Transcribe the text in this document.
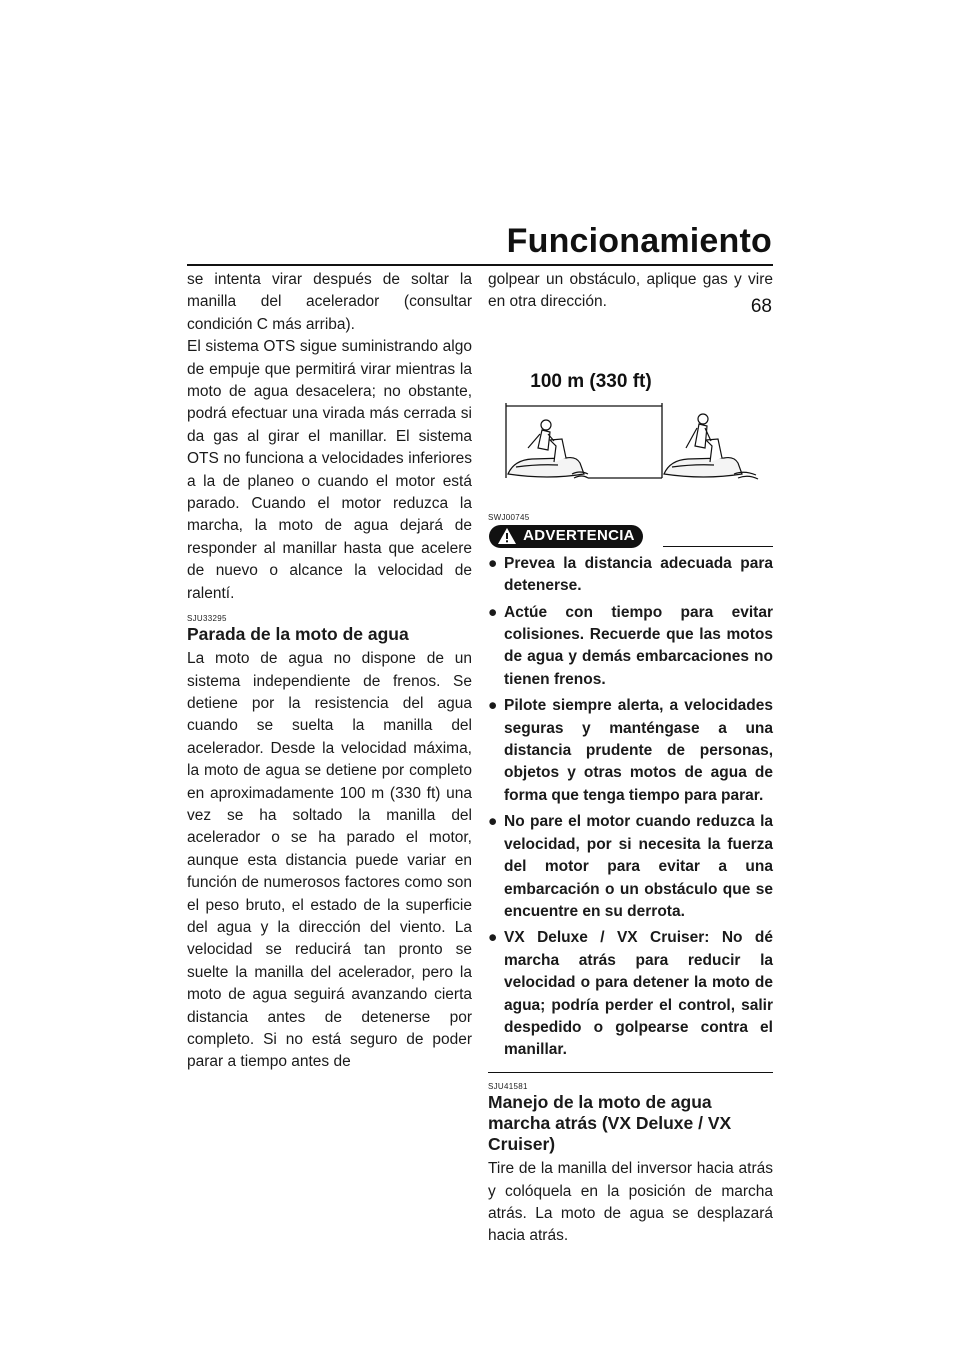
Funcionamiento
68

se intenta virar después de soltar la manilla del acelerador (consultar condición C más arriba).

El sistema OTS sigue suministrando algo de empuje que permitirá virar mientras la moto de agua desacelera; no obstante, podrá efectuar una virada más cerrada si da gas al girar el manillar. El sistema OTS no funciona a velocidades inferiores a la de planeo o cuando el motor está parado. Cuando el motor reduzca la marcha, la moto de agua dejará de responder al manillar hasta que acelere de nuevo o alcance la velocidad de ralentí.

SJU33295
Parada de la moto de agua

La moto de agua no dispone de un sistema independiente de frenos. Se detiene por la resistencia del agua cuando se suelta la manilla del acelerador. Desde la velocidad máxima, la moto de agua se detiene por completo en aproximadamente 100 m (330 ft) una vez se ha soltado la manilla del acelerador o se ha parado el motor, aunque esta distancia puede variar en función de numerosos factores como son el peso bruto, el estado de la superficie del agua y la dirección del viento. La velocidad se reducirá tan pronto se suelte la manilla del acelerador, pero la moto de agua seguirá avanzando cierta distancia antes de detenerse por completo. Si no está seguro de poder parar a tiempo antes de

golpear un obstáculo, aplique gas y vire en otra dirección.

100 m (330 ft)
SWJ00745
ADVERTENCIA
● Prevea la distancia adecuada para detenerse.
● Actúe con tiempo para evitar colisiones. Recuerde que las motos de agua y demás embarcaciones no tienen frenos.
● Pilote siempre alerta, a velocidades seguras y manténgase a una distancia prudente de personas, objetos y otras motos de agua de forma que tenga tiempo para parar.
● No pare el motor cuando reduzca la velocidad, por si necesita la fuerza del motor para evitar a una embarcación o un obstáculo que se encuentre en su derrota.
● VX Deluxe / VX Cruiser: No dé marcha atrás para reducir la velocidad o para detener la moto de agua; podría perder el control, salir despedido o golpearse contra el manillar.
SJU41581
Manejo de la moto de agua marcha atrás (VX Deluxe / VX Cruiser)

Tire de la manilla del inversor hacia atrás y colóquela en la posición de marcha atrás. La moto de agua se desplazará hacia atrás.
